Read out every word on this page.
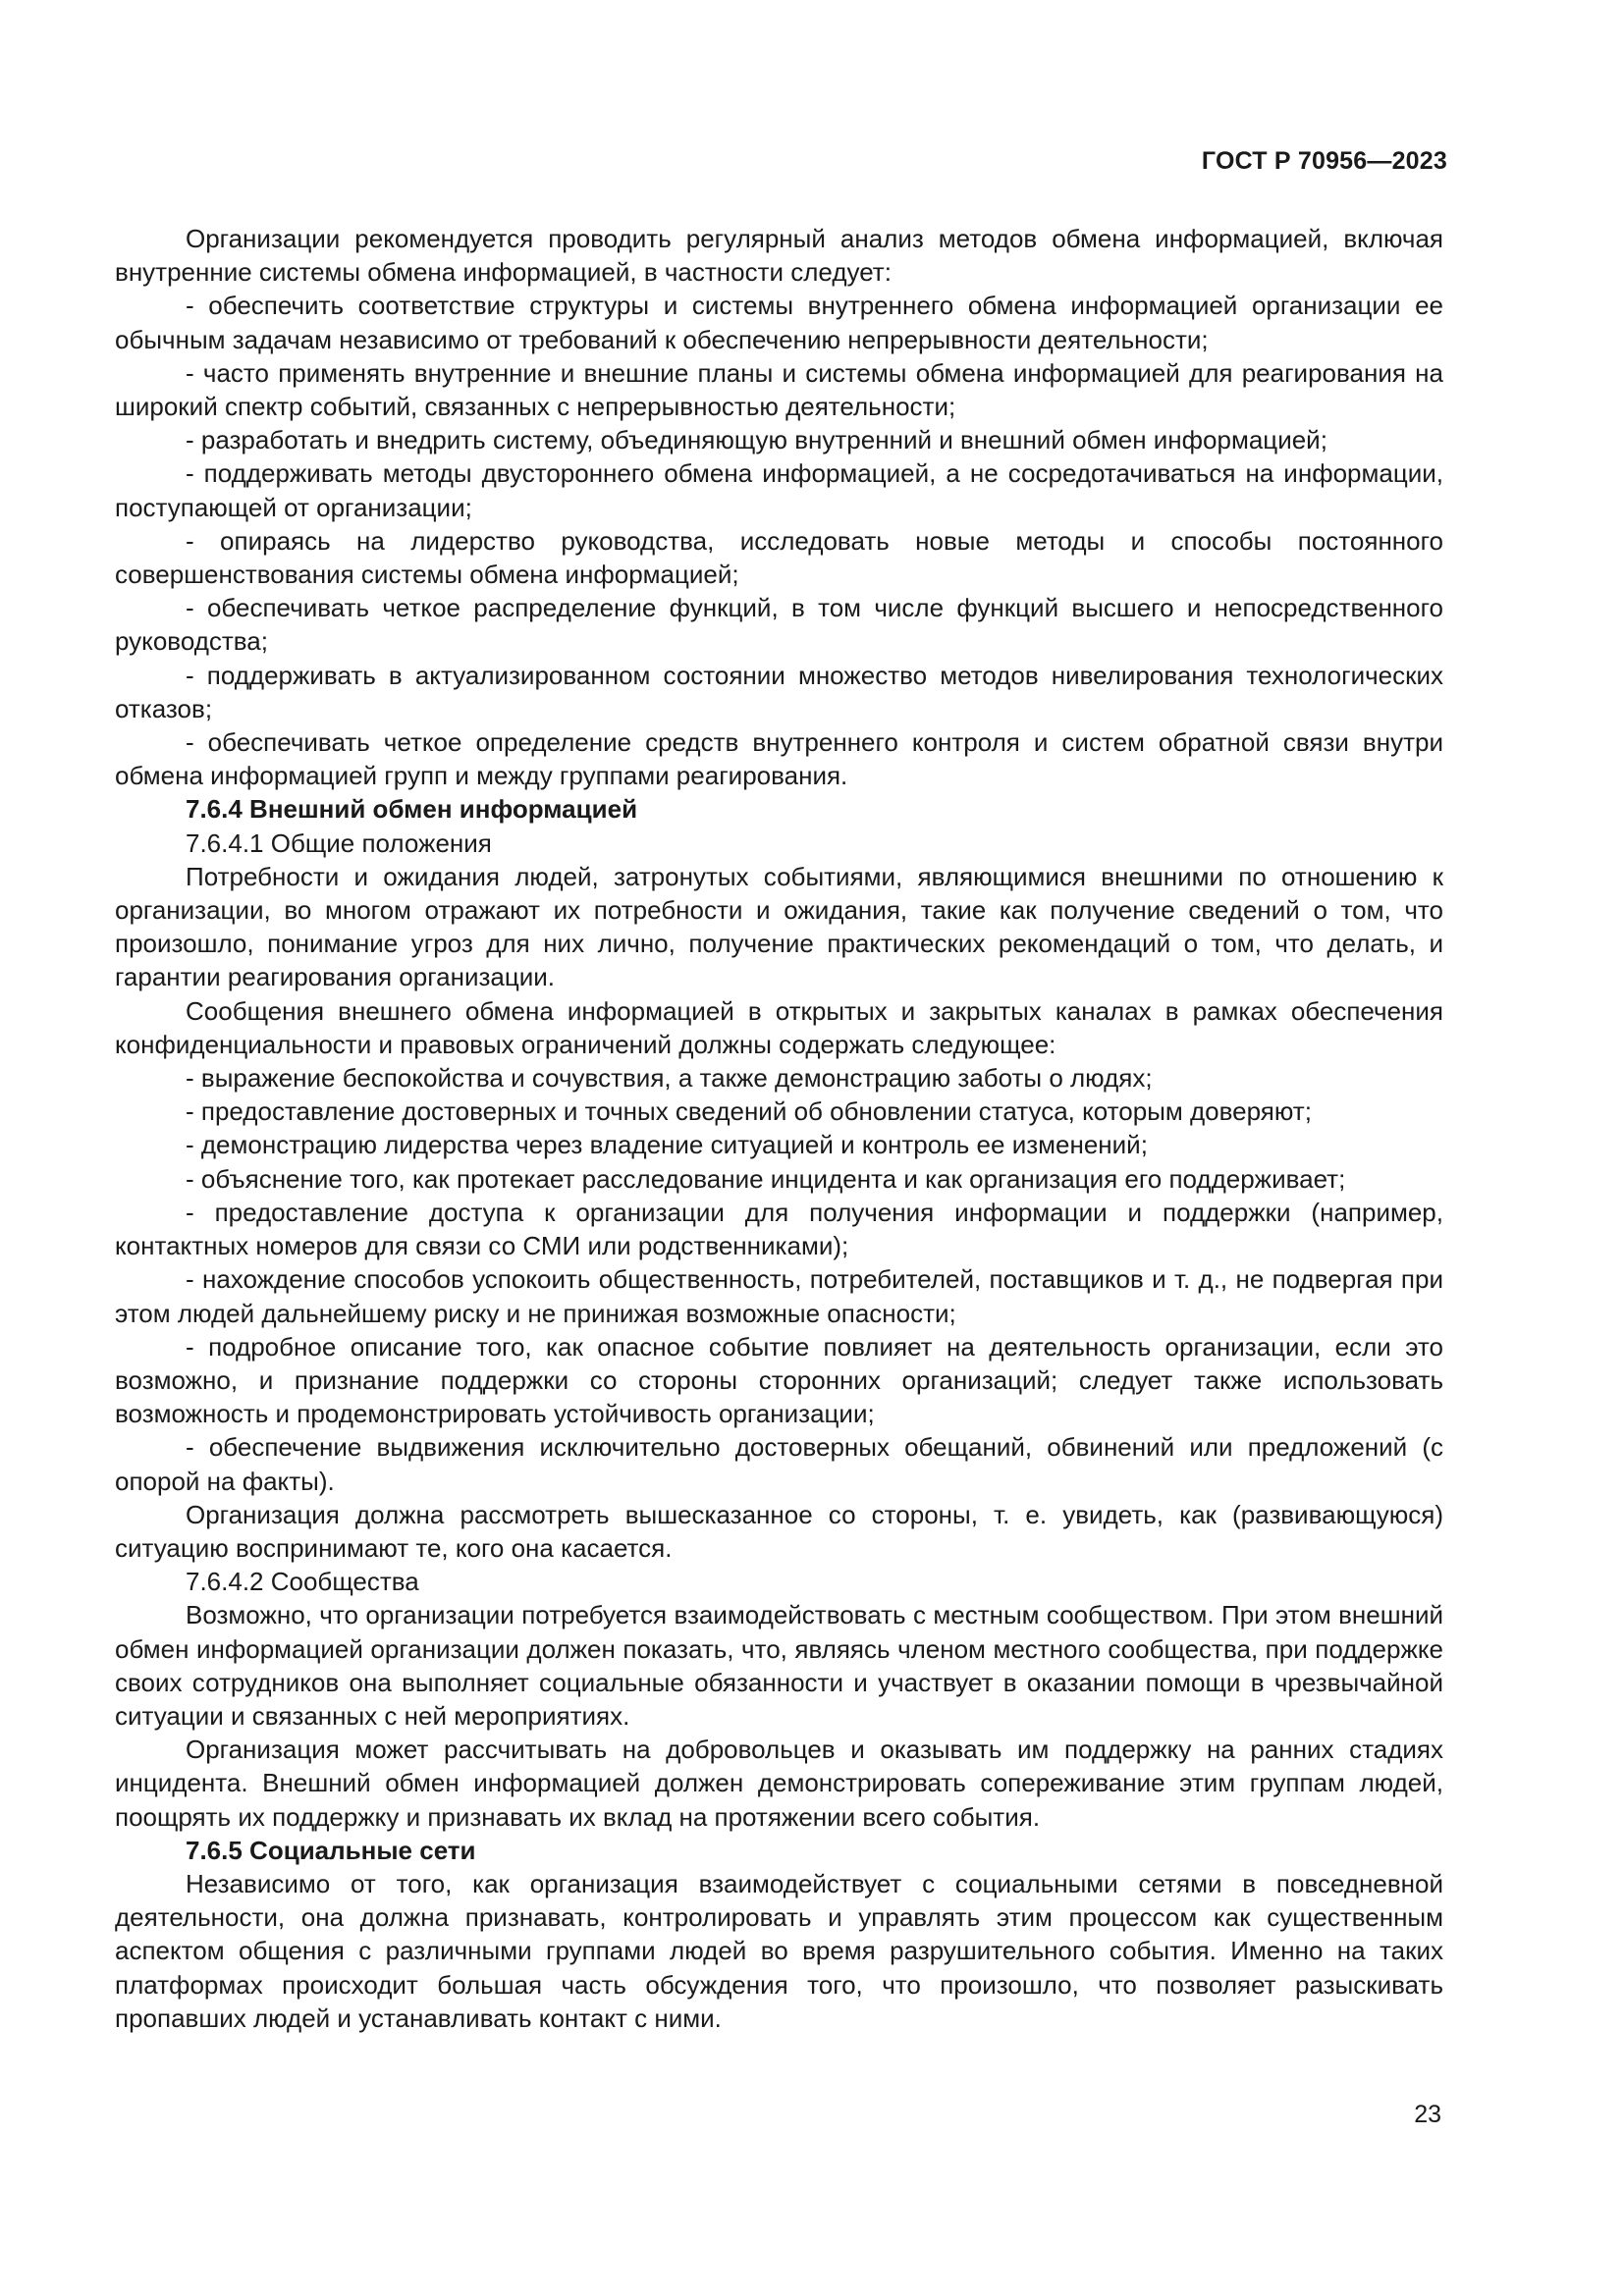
ГОСТ Р 70956—2023

Организации рекомендуется проводить регулярный анализ методов обмена информацией, включая внутренние системы обмена информацией, в частности следует:

- обеспечить соответствие структуры и системы внутреннего обмена информацией организации ее обычным задачам независимо от требований к обеспечению непрерывности деятельности;

- часто применять внутренние и внешние планы и системы обмена информацией для реагирования на широкий спектр событий, связанных с непрерывностью деятельности;

- разработать и внедрить систему, объединяющую внутренний и внешний обмен информацией;

- поддерживать методы двустороннего обмена информацией, а не сосредотачиваться на информации, поступающей от организации;

- опираясь на лидерство руководства, исследовать новые методы и способы постоянного совершенствования системы обмена информацией;

- обеспечивать четкое распределение функций, в том числе функций высшего и непосредственного руководства;

- поддерживать в актуализированном состоянии множество методов нивелирования технологических отказов;

- обеспечивать четкое определение средств внутреннего контроля и систем обратной связи внутри обмена информацией групп и между группами реагирования.

7.6.4 Внешний обмен информацией

7.6.4.1 Общие положения

Потребности и ожидания людей, затронутых событиями, являющимися внешними по отношению к организации, во многом отражают их потребности и ожидания, такие как получение сведений о том, что произошло, понимание угроз для них лично, получение практических рекомендаций о том, что делать, и гарантии реагирования организации.

Сообщения внешнего обмена информацией в открытых и закрытых каналах в рамках обеспечения конфиденциальности и правовых ограничений должны содержать следующее:

- выражение беспокойства и сочувствия, а также демонстрацию заботы о людях;

- предоставление достоверных и точных сведений об обновлении статуса, которым доверяют;

- демонстрацию лидерства через владение ситуацией и контроль ее изменений;

- объяснение того, как протекает расследование инцидента и как организация его поддерживает;

- предоставление доступа к организации для получения информации и поддержки (например, контактных номеров для связи со СМИ или родственниками);

- нахождение способов успокоить общественность, потребителей, поставщиков и т. д., не подвергая при этом людей дальнейшему риску и не принижая возможные опасности;

- подробное описание того, как опасное событие повлияет на деятельность организации, если это возможно, и признание поддержки со стороны сторонних организаций; следует также использовать возможность и продемонстрировать устойчивость организации;

- обеспечение выдвижения исключительно достоверных обещаний, обвинений или предложений (с опорой на факты).

Организация должна рассмотреть вышесказанное со стороны, т. е. увидеть, как (развивающуюся) ситуацию воспринимают те, кого она касается.

7.6.4.2 Сообщества

Возможно, что организации потребуется взаимодействовать с местным сообществом. При этом внешний обмен информацией организации должен показать, что, являясь членом местного сообщества, при поддержке своих сотрудников она выполняет социальные обязанности и участвует в оказании помощи в чрезвычайной ситуации и связанных с ней мероприятиях.

Организация может рассчитывать на добровольцев и оказывать им поддержку на ранних стадиях инцидента. Внешний обмен информацией должен демонстрировать сопереживание этим группам людей, поощрять их поддержку и признавать их вклад на протяжении всего события.

7.6.5 Социальные сети

Независимо от того, как организация взаимодействует с социальными сетями в повседневной деятельности, она должна признавать, контролировать и управлять этим процессом как существенным аспектом общения с различными группами людей во время разрушительного события. Именно на таких платформах происходит большая часть обсуждения того, что произошло, что позволяет разыскивать пропавших людей и устанавливать контакт с ними.

23
